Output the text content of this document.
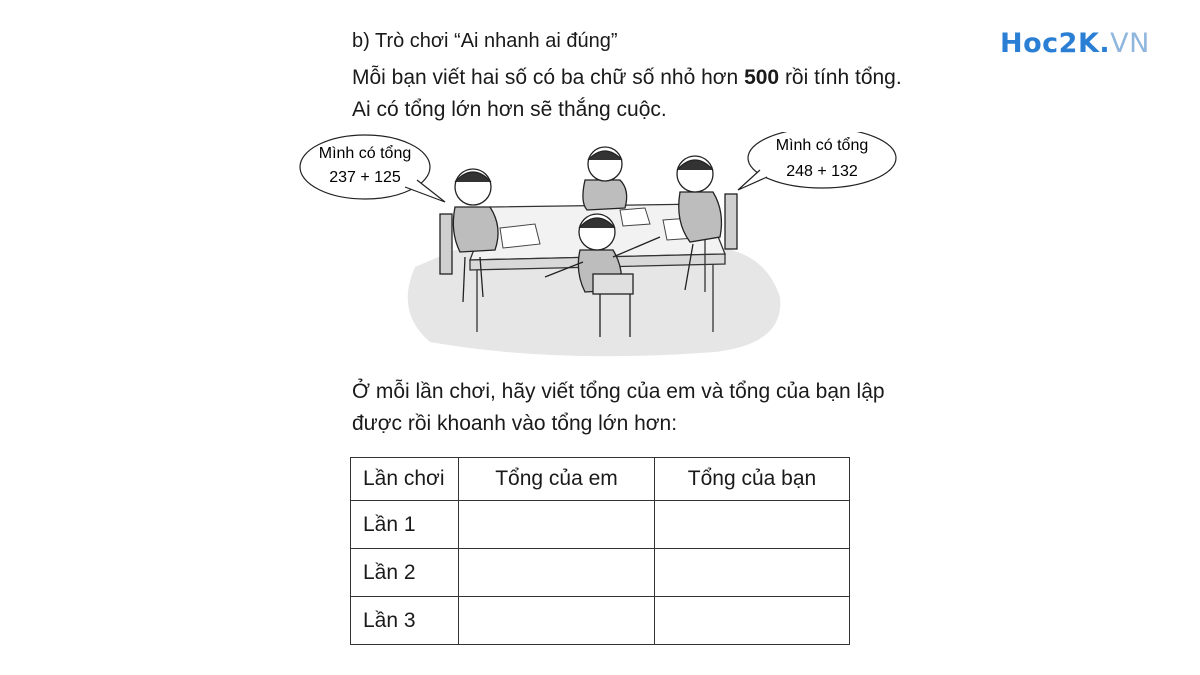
Hoc2K.VN
b) Trò chơi “Ai nhanh ai đúng”
Mỗi bạn viết hai số có ba chữ số nhỏ hơn 500 rồi tính tổng. Ai có tổng lớn hơn sẽ thắng cuộc.
Mình có tổng
237 + 125
Mình có tổng
248 + 132
Ở mỗi lần chơi, hãy viết tổng của em và tổng của bạn lập được rồi khoanh vào tổng lớn hơn:
Lần chơi	Tổng của em	Tổng của bạn
Lần 1		
Lần 2		
Lần 3		
